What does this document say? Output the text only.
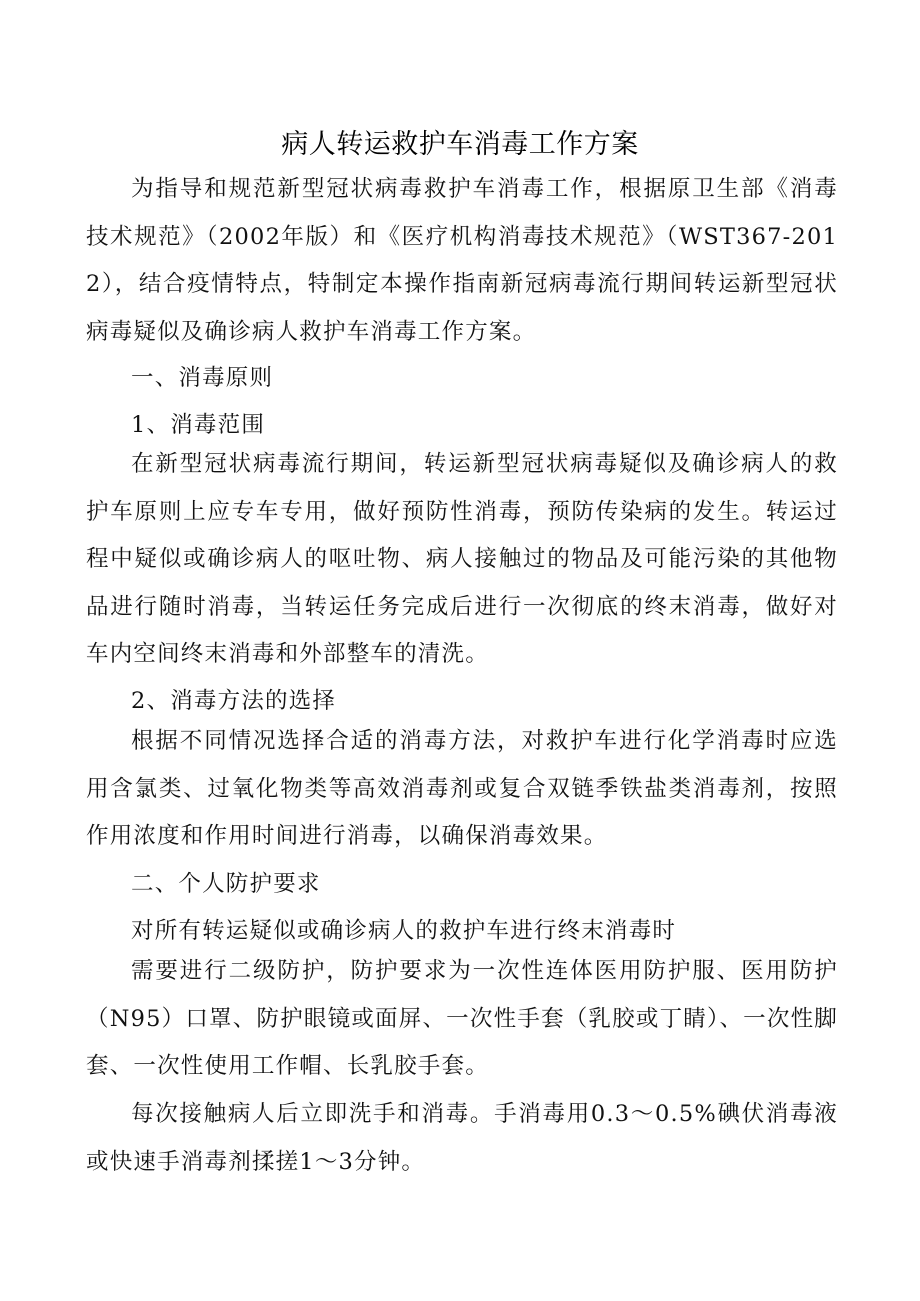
病人转运救护车消毒工作方案
为指导和规范新型冠状病毒救护车消毒工作，根据原卫生部《消毒技术规范》（2002年版）和《医疗机构消毒技术规范》（WST367-2012），结合疫情特点，特制定本操作指南新冠病毒流行期间转运新型冠状病毒疑似及确诊病人救护车消毒工作方案。
一、消毒原则
1、消毒范围
在新型冠状病毒流行期间，转运新型冠状病毒疑似及确诊病人的救护车原则上应专车专用，做好预防性消毒，预防传染病的发生。转运过程中疑似或确诊病人的呕吐物、病人接触过的物品及可能污染的其他物品进行随时消毒，当转运任务完成后进行一次彻底的终末消毒，做好对车内空间终末消毒和外部整车的清洗。
2、消毒方法的选择
根据不同情况选择合适的消毒方法，对救护车进行化学消毒时应选用含氯类、过氧化物类等高效消毒剂或复合双链季铁盐类消毒剂，按照作用浓度和作用时间进行消毒，以确保消毒效果。
二、个人防护要求
对所有转运疑似或确诊病人的救护车进行终末消毒时
需要进行二级防护，防护要求为一次性连体医用防护服、医用防护（N95）口罩、防护眼镜或面屏、一次性手套（乳胶或丁睛）、一次性脚套、一次性使用工作帽、长乳胶手套。
每次接触病人后立即洗手和消毒。手消毒用0.3～0.5%碘伏消毒液或快速手消毒剂揉搓1～3分钟。
